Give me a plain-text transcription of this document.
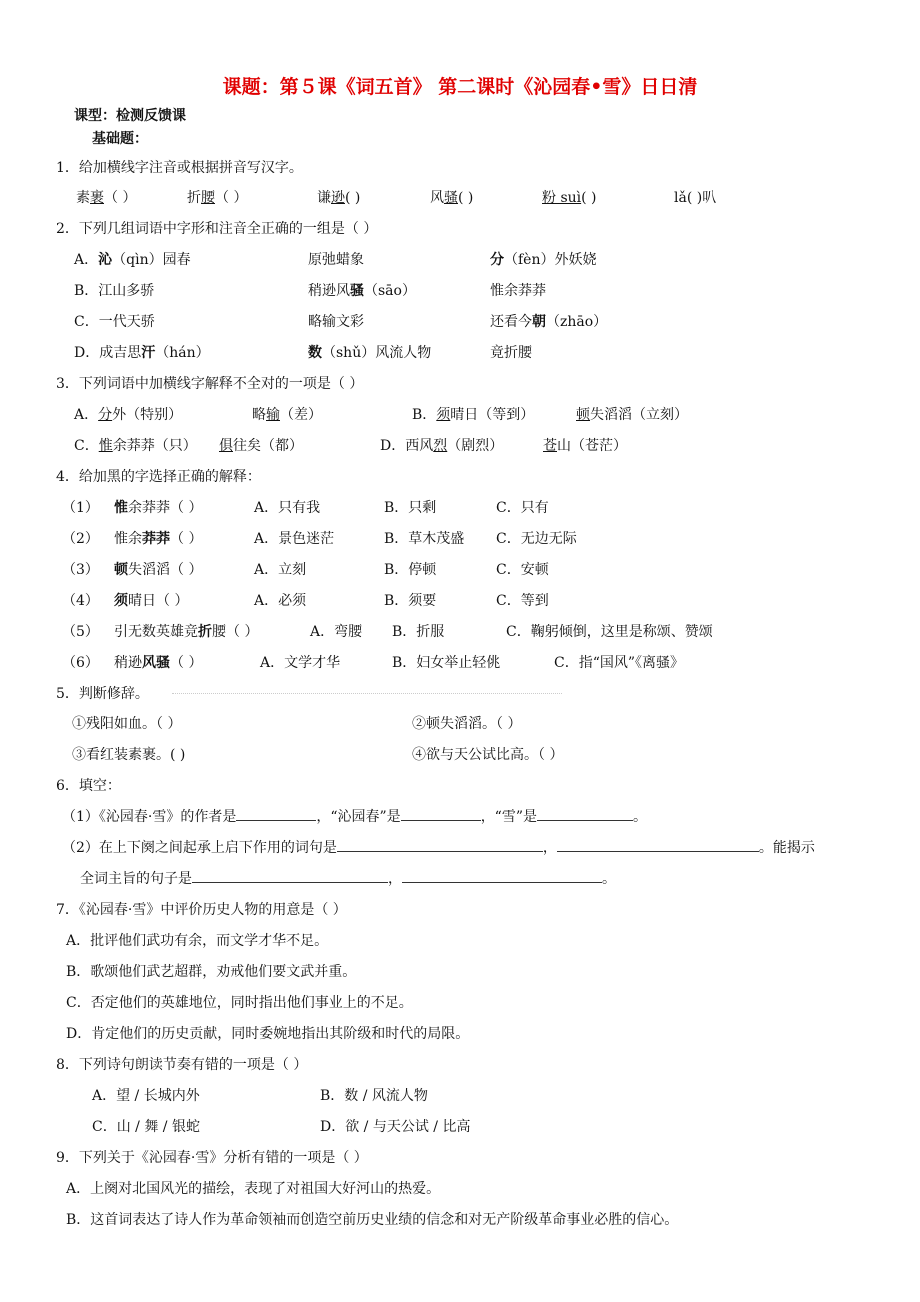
课题：第５课《词五首》 第二课时《沁园春•雪》日日清
课型：检测反馈课
基础题：
1．给加横线字注音或根据拼音写汉字。
素裹（ ）	折腰（ ）	谦逊( )	风骚( )	粉 suì( )	lǎ( )叭
2．下列几组词语中字形和注音全正确的一组是（ ）
A．沁（qìn）园春	原弛蜡象	分（fèn）外妖娆
B．江山多骄	稍逊风骚（sāo）	惟余莽莽
C．一代天骄	略输文彩	还看今朝（zhāo）
D．成吉思汗（hán）	数（shǔ）风流人物	竟折腰
3．下列词语中加横线字解释不全对的一项是（ ）
A．分外（特别）	略输（差）	B．须晴日（等到）	顿失滔滔（立刻）
C．惟余莽莽（只） 俱往矣（都）	D．西风烈（剧烈）	苍山（苍茫）
4．给加黑的字选择正确的解释：
（1） 惟余莽莽（ ）	A．只有我	B．只剩	C．只有
（2） 惟余莽莽（ ）	A．景色迷茫	B．草木茂盛 C．无边无际
（3） 顿失滔滔（ ）	A．立刻	B．停顿	C．安顿
（4） 须晴日（ ）	A．必须	B．须要	C．等到
（5） 引无数英雄竞折腰（ ）	A．弯腰 B．折服	C．鞠躬倾倒，这里是称颂、赞颂
（6） 稍逊风骚（ ）	A．文学才华	B．妇女举止轻佻	C．指“国风”《离骚》
5．判断修辞。
①残阳如血。（ ）	②顿失滔滔。（ ）
③看红装素裹。( )	④欲与天公试比高。（ ）
6．填空：
（1）《沁园春·雪》的作者是	，“沁园春”是	，“雪”是	。
（2）在上下阕之间起承上启下作用的词句是	，	。能揭示
全词主旨的句子是	，	。
7．《沁园春·雪》中评价历史人物的用意是（ ）
A．批评他们武功有余，而文学才华不足。
B．歌颂他们武艺超群，劝戒他们要文武并重。
C．否定他们的英雄地位，同时指出他们事业上的不足。
D．肯定他们的历史贡献，同时委婉地指出其阶级和时代的局限。
8．下列诗句朗读节奏有错的一项是（ ）
A．望 / 长城内外	B．数 / 风流人物
C．山 / 舞 / 银蛇	D．欲 / 与天公试 / 比高
9．下列关于《沁园春·雪》分析有错的一项是（ ）
A．上阕对北国风光的描绘，表现了对祖国大好河山的热爱。
B．这首词表达了诗人作为革命领袖而创造空前历史业绩的信念和对无产阶级革命事业必胜的信心。
